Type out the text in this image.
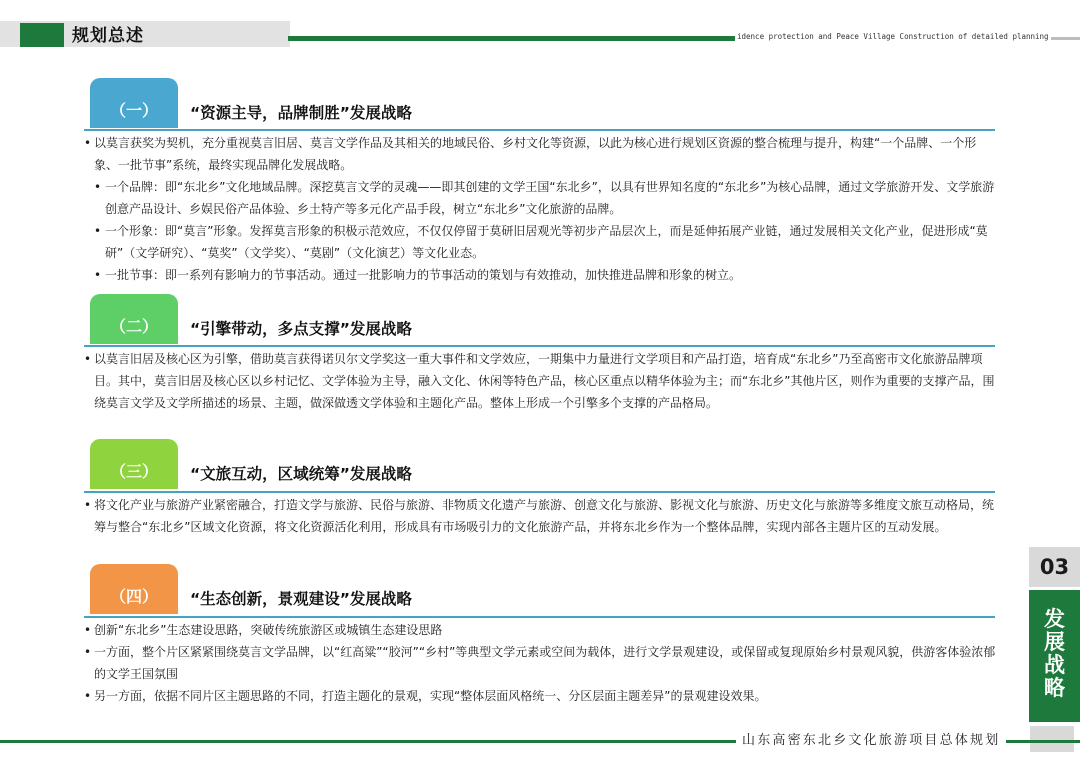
规划总述	idence protection and Peace Village Construction of detailed planning
（一）	“资源主导，品牌制胜”发展战略

• 以莫言获奖为契机，充分重视莫言旧居、莫言文学作品及其相关的地域民俗、乡村文化等资源，以此为核心进行规划区资源的整合梳理与提升，构建“一个品牌、一个形象、一批节事”系统，最终实现品牌化发展战略。

• 一个品牌：即“东北乡”文化地域品牌。深挖莫言文学的灵魂——即其创建的文学王国“东北乡”，以具有世界知名度的“东北乡”为核心品牌，通过文学旅游开发、文学旅游创意产品设计、乡娱民俗产品体验、乡土特产等多元化产品手段，树立“东北乡”文化旅游的品牌。

• 一个形象：即“莫言”形象。发挥莫言形象的积极示范效应，不仅仅停留于莫研旧居观光等初步产品层次上，而是延伸拓展产业链，通过发展相关文化产业，促进形成“莫研”（文学研究）、“莫奖”（文学奖）、“莫剧”（文化演艺）等文化业态。

• 一批节事：即一系列有影响力的节事活动。通过一批影响力的节事活动的策划与有效推动，加快推进品牌和形象的树立。

（二）	“引擎带动，多点支撑”发展战略

• 以莫言旧居及核心区为引擎，借助莫言获得诺贝尔文学奖这一重大事件和文学效应，一期集中力量进行文学项目和产品打造，培育成“东北乡”乃至高密市文化旅游品牌项目。其中，莫言旧居及核心区以乡村记忆、文学体验为主导，融入文化、休闲等特色产品，核心区重点以精华体验为主；而“东北乡”其他片区，则作为重要的支撑产品，围绕莫言文学及文学所描述的场景、主题，做深做透文学体验和主题化产品。整体上形成一个引擎多个支撑的产品格局。

（三）	“文旅互动，区域统筹”发展战略

• 将文化产业与旅游产业紧密融合，打造文学与旅游、民俗与旅游、非物质文化遗产与旅游、创意文化与旅游、影视文化与旅游、历史文化与旅游等多维度文旅互动格局，统筹与整合“东北乡”区域文化资源，将文化资源活化利用，形成具有市场吸引力的文化旅游产品，并将东北乡作为一个整体品牌，实现内部各主题片区的互动发展。

（四）	“生态创新，景观建设”发展战略

• 创新“东北乡”生态建设思路，突破传统旅游区或城镇生态建设思路

• 一方面，整个片区紧紧围绕莫言文学品牌，以“红高粱”“胶河”“乡村”等典型文学元素或空间为载体，进行文学景观建设，或保留或复现原始乡村景观风貌，供游客体验浓郁的文学王国氛围

• 另一方面，依据不同片区主题思路的不同，打造主题化的景观，实现“整体层面风格统一、分区层面主题差异”的景观建设效果。

03
发
展
战
略
山东高密东北乡文化旅游项目总体规划
